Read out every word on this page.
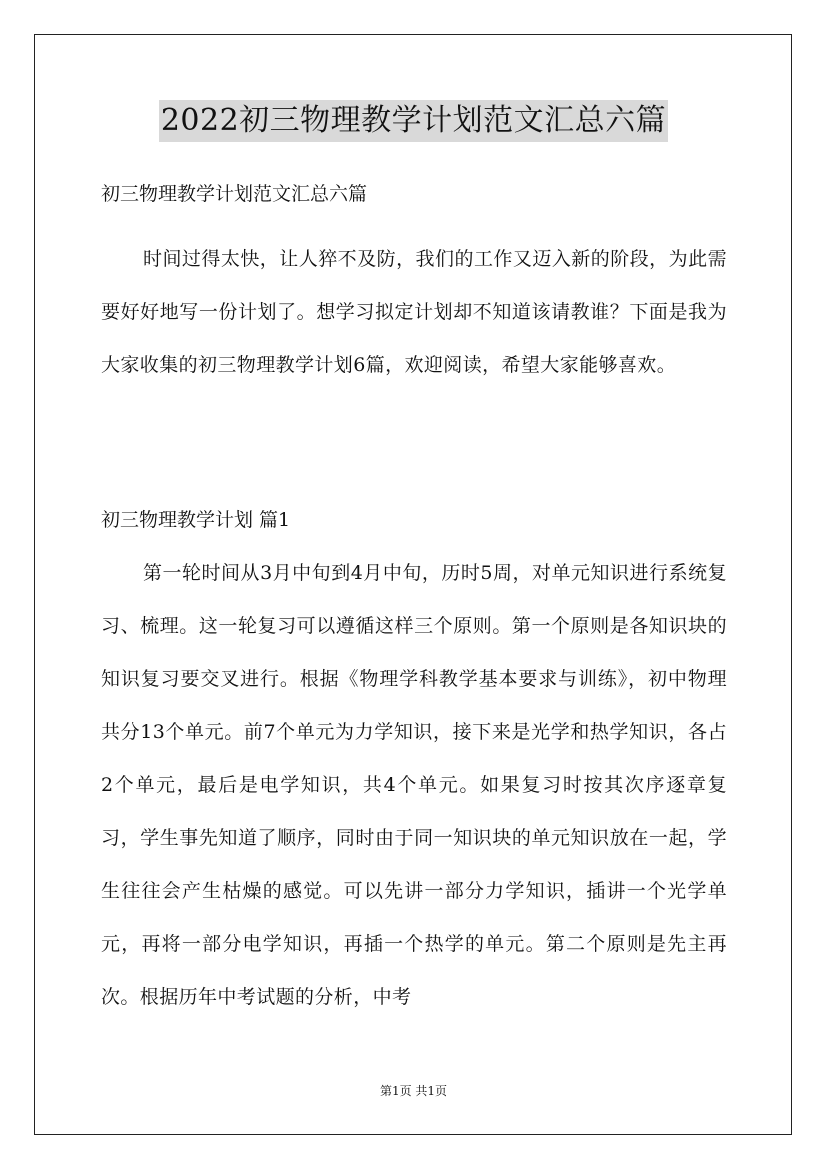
2022初三物理教学计划范文汇总六篇
初三物理教学计划范文汇总六篇

时间过得太快，让人猝不及防，我们的工作又迈入新的阶段，为此需要好好地写一份计划了。想学习拟定计划却不知道该请教谁？下面是我为大家收集的初三物理教学计划6篇，欢迎阅读，希望大家能够喜欢。

初三物理教学计划 篇1

第一轮时间从3月中旬到4月中旬，历时5周，对单元知识进行系统复习、梳理。这一轮复习可以遵循这样三个原则。第一个原则是各知识块的知识复习要交叉进行。根据《物理学科教学基本要求与训练》，初中物理共分13个单元。前7个单元为力学知识，接下来是光学和热学知识，各占2个单元，最后是电学知识，共4个单元。如果复习时按其次序逐章复习，学生事先知道了顺序，同时由于同一知识块的单元知识放在一起，学生往往会产生枯燥的感觉。可以先讲一部分力学知识，插讲一个光学单元，再将一部分电学知识，再插一个热学的单元。第二个原则是先主再次。根据历年中考试题的分析，中考

第1页 共1页
